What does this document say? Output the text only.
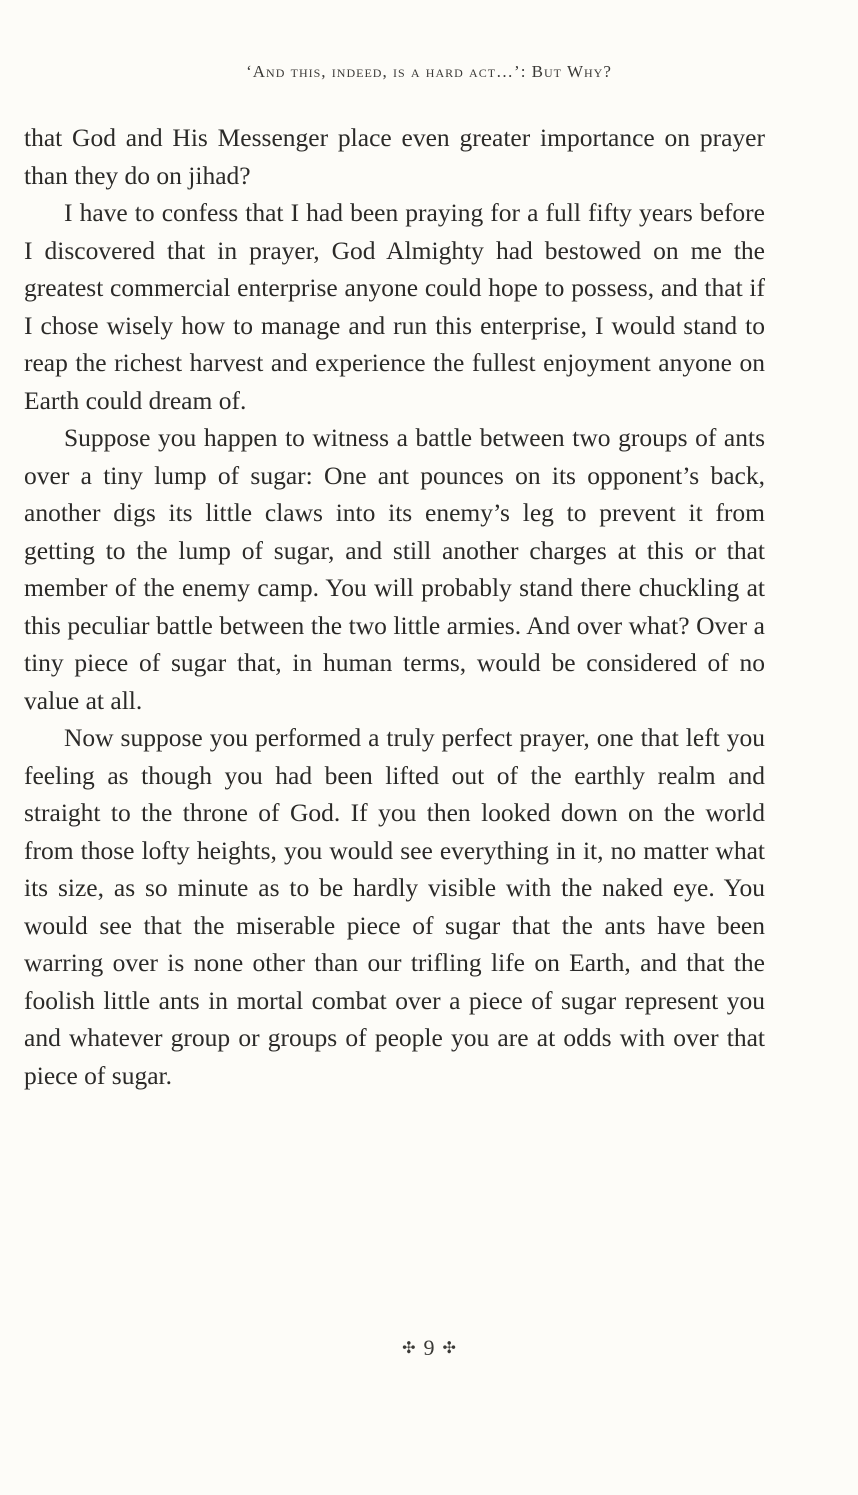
‘And this, indeed, is a hard act…’: But Why?

that God and His Messenger place even greater importance on prayer than they do on jihad?

I have to confess that I had been praying for a full fifty years before I discovered that in prayer, God Almighty had bestowed on me the greatest commercial enterprise anyone could hope to possess, and that if I chose wisely how to manage and run this enterprise, I would stand to reap the richest harvest and experience the fullest enjoyment anyone on Earth could dream of.

Suppose you happen to witness a battle between two groups of ants over a tiny lump of sugar: One ant pounces on its opponent’s back, another digs its little claws into its enemy’s leg to prevent it from getting to the lump of sugar, and still another charges at this or that member of the enemy camp. You will probably stand there chuckling at this peculiar battle between the two little armies. And over what? Over a tiny piece of sugar that, in human terms, would be considered of no value at all.

Now suppose you performed a truly perfect prayer, one that left you feeling as though you had been lifted out of the earthly realm and straight to the throne of God. If you then looked down on the world from those lofty heights, you would see everything in it, no matter what its size, as so minute as to be hardly visible with the naked eye. You would see that the miserable piece of sugar that the ants have been warring over is none other than our trifling life on Earth, and that the foolish little ants in mortal combat over a piece of sugar represent you and whatever group or groups of people you are at odds with over that piece of sugar.

✣ 9 ✣
